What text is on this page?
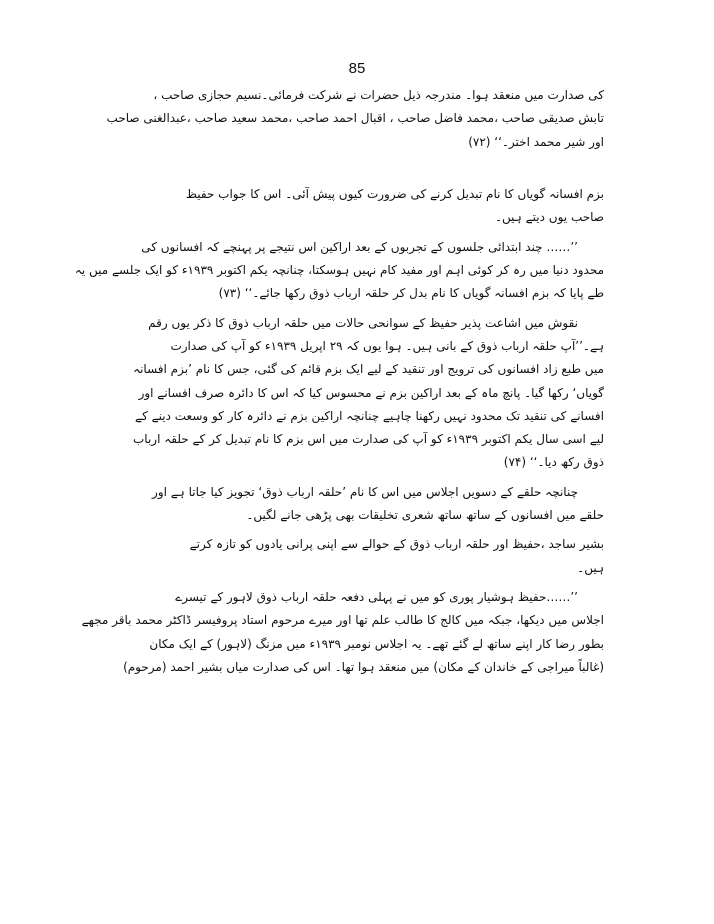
85
کی صدارت میں منعقد ہوا۔ مندرجہ ذیل حضرات نے شرکت فرمائی۔نسیم حجازی صاحب ،
تابش صدیقی صاحب ،محمد فاضل صاحب ، اقبال احمد صاحب ،محمد سعید صاحب ،عبدالغنی صاحب
اور شیر محمد اختر۔‘‘ (۷۲)
بزم افسانہ گویاں کا نام تبدیل کرنے کی ضرورت کیوں پیش آئی۔ اس کا جواب حفیظ
صاحب یوں دیتے ہیں۔
’’…… چند ابتدائی جلسوں کے تجربوں کے بعد اراکین اس نتیجے پر پہنچے کہ افسانوں کی
محدود دنیا میں رہ کر کوئی اہم اور مفید کام نہیں ہوسکتا، چنانچہ یکم اکتوبر ۱۹۳۹ء کو ایک جلسے میں یہ
طے پایا کہ بزم افسانہ گویاں کا نام بدل کر حلقہ ارباب ذوق رکھا جائے۔‘‘ (۷۳)
نقوش میں اشاعت پذیر حفیظ کے سوانحی حالات میں حلقہ ارباب ذوق کا ذکر یوں رقم
ہے۔’’آپ حلقہ ارباب ذوق کے بانی ہیں۔ ہوا یوں کہ ۲۹ اپریل ۱۹۳۹ء کو آپ کی صدارت
میں طبع زاد افسانوں کی ترویج اور تنقید کے لیے ایک بزم قائم کی گئی، جس کا نام ’بزم افسانہ
گویاں‘ رکھا گیا۔ پانچ ماہ کے بعد اراکین بزم نے محسوس کیا کہ اس کا دائرہ صرف افسانے اور
افسانے کی تنقید تک محدود نہیں رکھنا چاہیے چنانچہ اراکین بزم نے دائرہ کار کو وسعت دینے کے
لیے اسی سال یکم اکتوبر ۱۹۳۹ء کو آپ کی صدارت میں اس بزم کا نام تبدیل کر کے حلقہ ارباب
ذوق رکھ دیا۔‘‘ (۷۴)
چنانچہ حلقے کے دسویں اجلاس میں اس کا نام ’حلقہ ارباب ذوق‘ تجویز کیا جاتا ہے اور
حلقے میں افسانوں کے ساتھ ساتھ شعری تخلیقات بھی پڑھی جانے لگیں۔
بشیر ساجد ،حفیظ اور حلقہ ارباب ذوق کے حوالے سے اپنی پرانی یادوں کو تازہ کرتے
ہیں۔
’’……حفیظ ہوشیار پوری کو میں نے پہلی دفعہ حلقہ ارباب ذوق لاہور کے تیسرے
اجلاس میں دیکھا، جبکہ میں کالج کا طالب علم تھا اور میرے مرحوم استاد پروفیسر ڈاکٹر محمد باقر مجھے
بطور رضا کار اپنے ساتھ لے گئے تھے۔ یہ اجلاس نومبر ۱۹۳۹ء میں مزنگ (لاہور) کے ایک مکان
(غالباً میراجی کے خاندان کے مکان) میں منعقد ہوا تھا۔ اس کی صدارت میاں بشیر احمد (مرحوم)
